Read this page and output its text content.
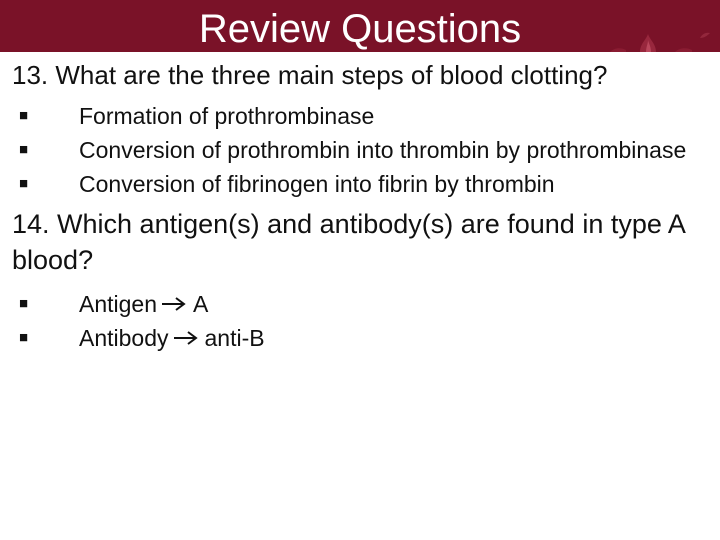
Review Questions

13. What are the three main steps of blood clotting?

■ Formation of prothrombinase
■ Conversion of prothrombin into thrombin by prothrombinase
■ Conversion of fibrinogen into fibrin by thrombin

14. Which antigen(s) and antibody(s) are found in type A blood?

■ Antigen A
■ Antibody anti-B
